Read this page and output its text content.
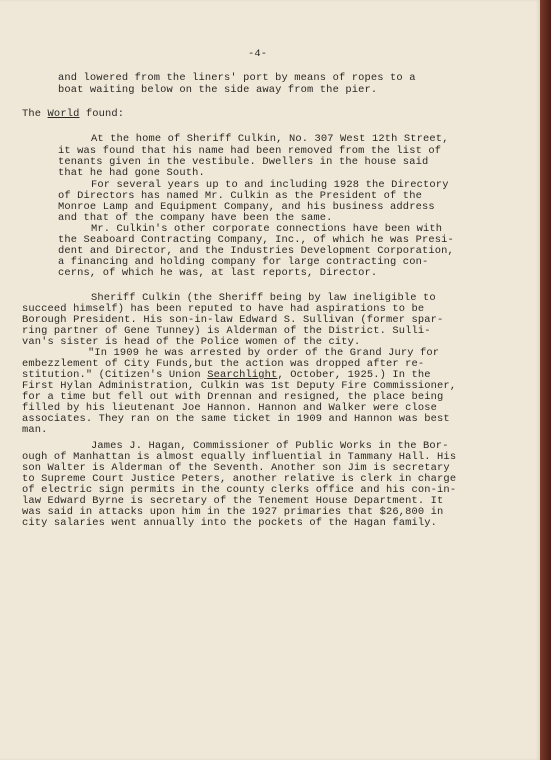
-4-
and lowered from the liners' port by means of ropes to a
boat waiting below on the side away from the pier.
The World found:
At the home of Sheriff Culkin, No. 307 West 12th Street,
it was found that his name had been removed from the list of
tenants given in the vestibule. Dwellers in the house said
that he had gone South.
For several years up to and including 1928 the Directory
of Directors has named Mr. Culkin as the President of the
Monroe Lamp and Equipment Company, and his business address
and that of the company have been the same.
Mr. Culkin's other corporate connections have been with
the Seaboard Contracting Company, Inc., of which he was Presi-
dent and Director, and the Industries Development Corporation,
a financing and holding company for large contracting con-
cerns, of which he was, at last reports, Director.
Sheriff Culkin (the Sheriff being by law ineligible to
succeed himself) has been reputed to have had aspirations to be
Borough President. His son-in-law Edward S. Sullivan (former spar-
ring partner of Gene Tunney) is Alderman of the District. Sulli-
van's sister is head of the Police women of the city.
"In 1909 he was arrested by order of the Grand Jury for
embezzlement of City Funds,but the action was dropped after re-
stitution." (Citizen's Union Searchlight, October, 1925.) In the
First Hylan Administration, Culkin was 1st Deputy Fire Commissioner,
for a time but fell out with Drennan and resigned, the place being
filled by his lieutenant Joe Hannon. Hannon and Walker were close
associates. They ran on the same ticket in 1909 and Hannon was best
man.
James J. Hagan, Commissioner of Public Works in the Bor-
ough of Manhattan is almost equally influential in Tammany Hall. His
son Walter is Alderman of the Seventh. Another son Jim is secretary
to Supreme Court Justice Peters, another relative is clerk in charge
of electric sign permits in the county clerks office and his con-in-
law Edward Byrne is secretary of the Tenement House Department. It
was said in attacks upon him in the 1927 primaries that $26,800 in
city salaries went annually into the pockets of the Hagan family.
